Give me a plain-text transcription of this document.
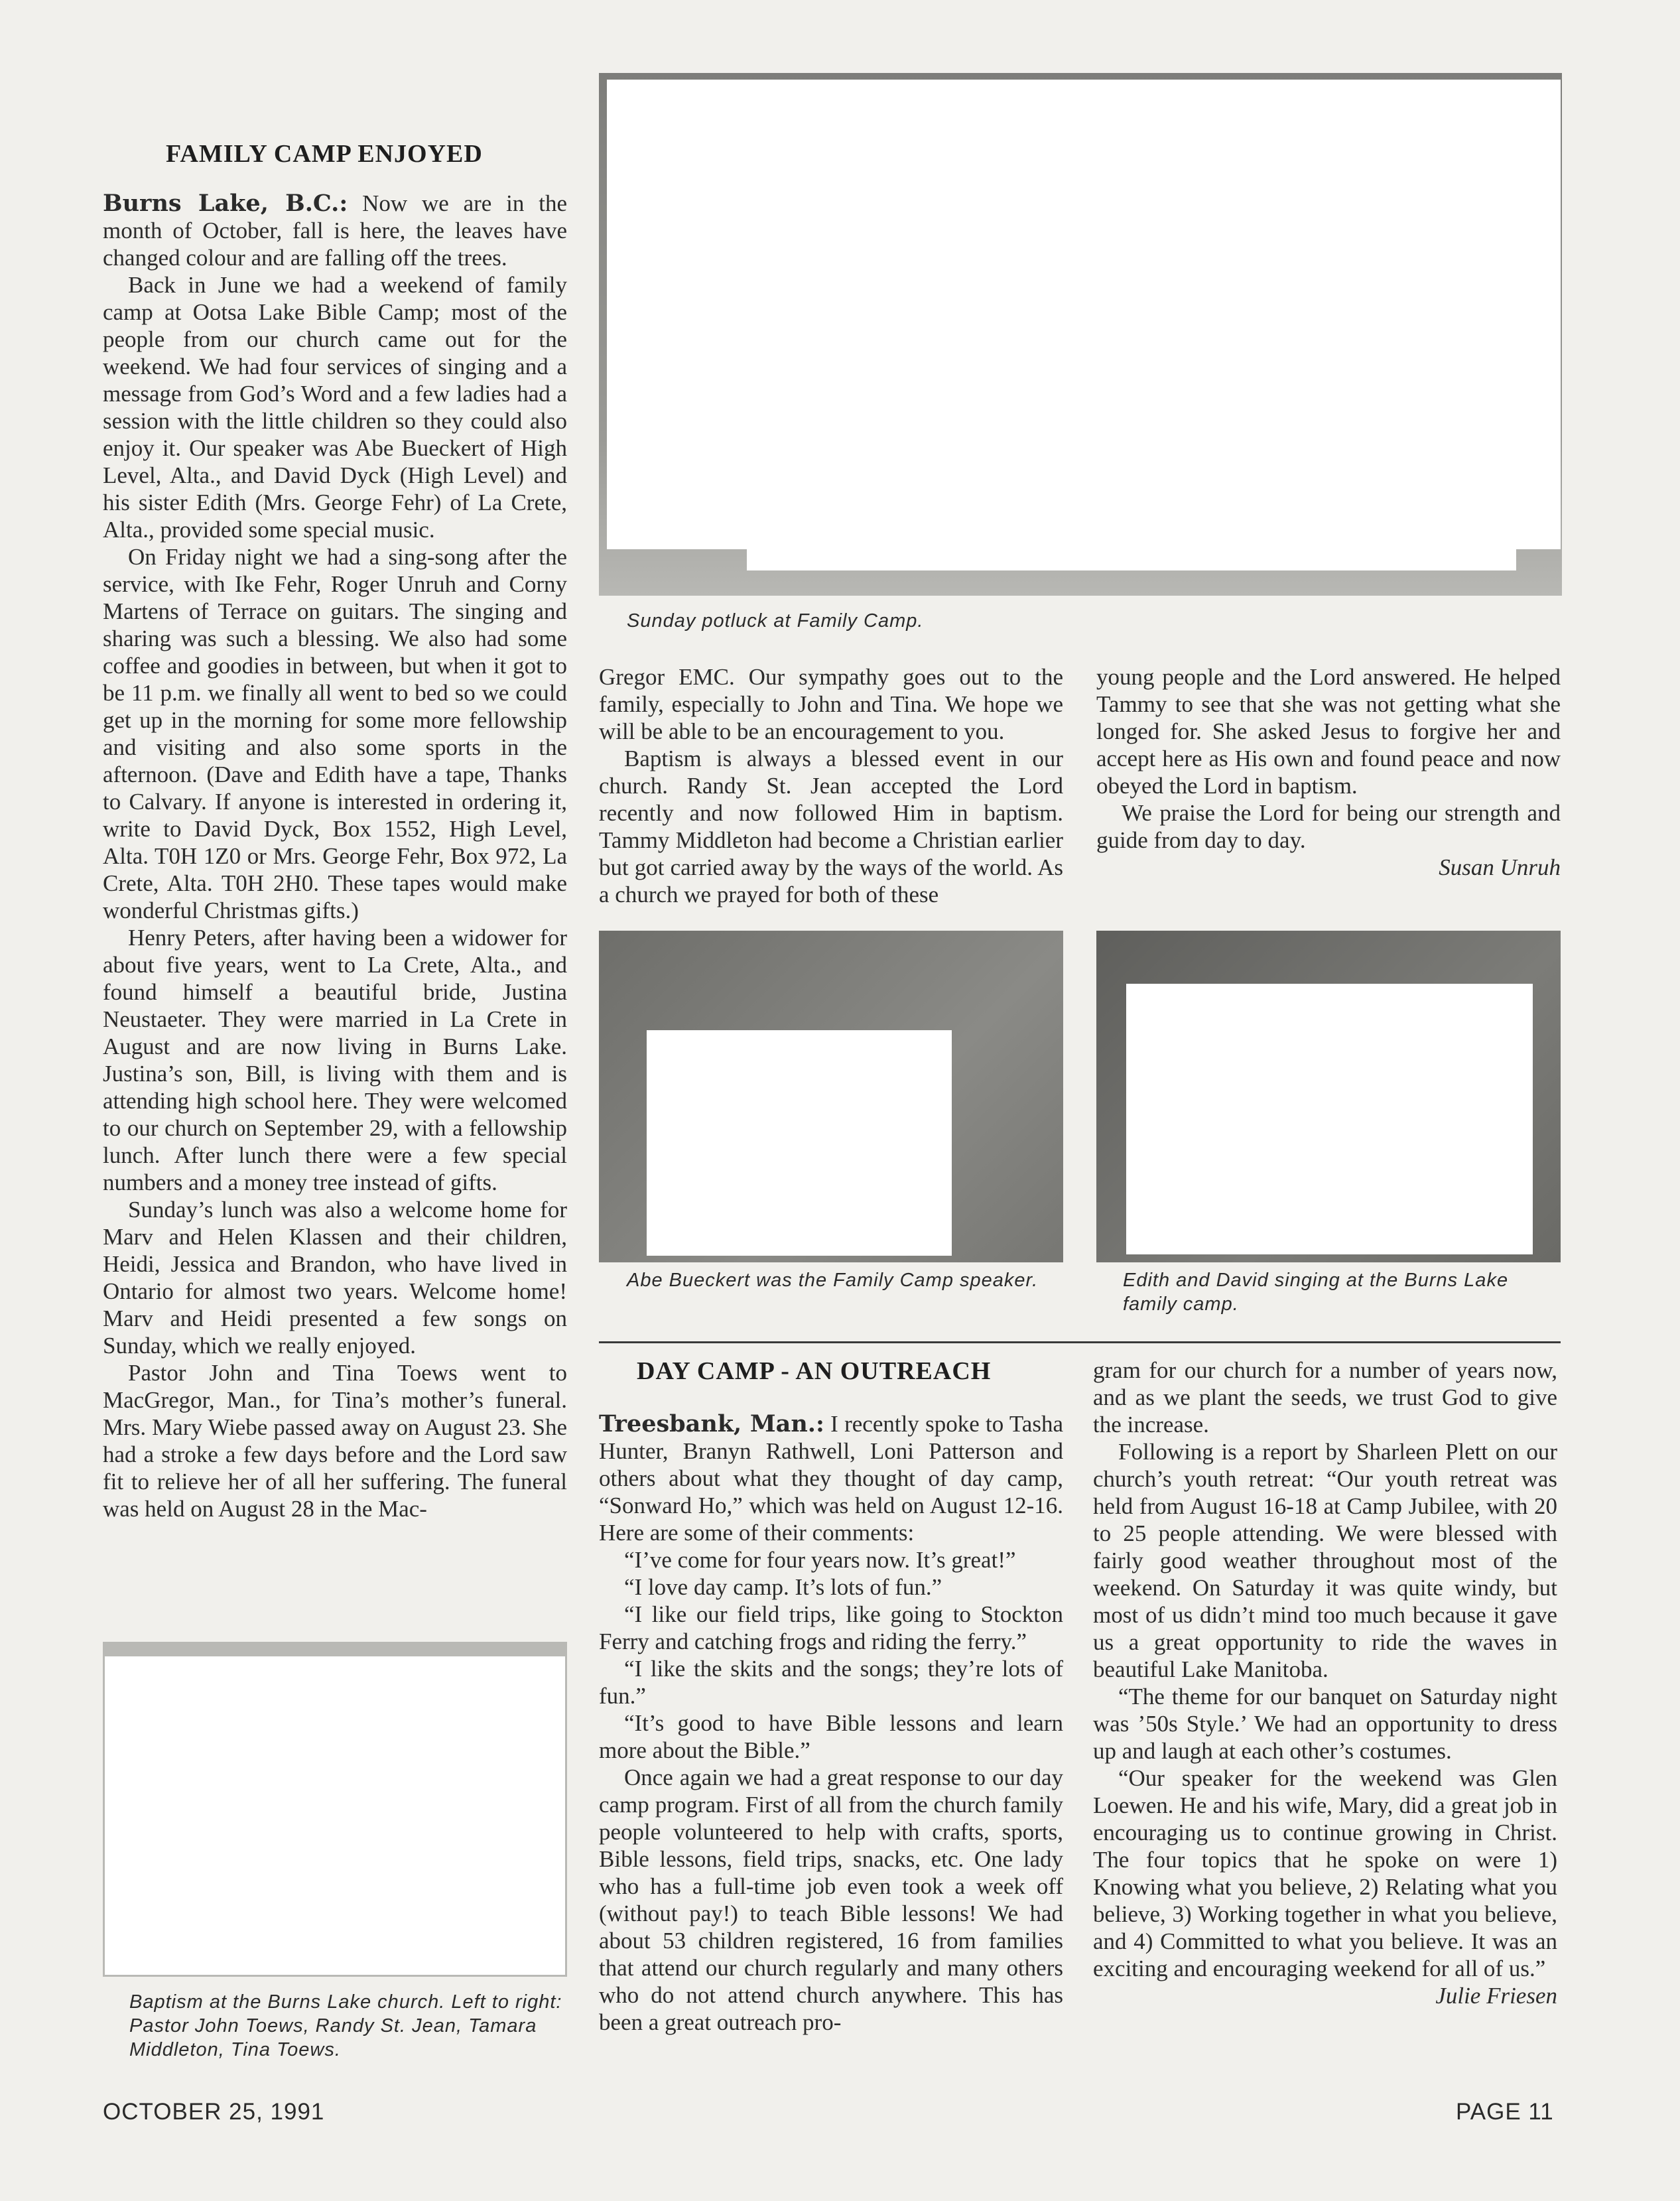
Sunday potluck at Family Camp.
FAMILY CAMP ENJOYED

Burns Lake, B.C.: Now we are in the month of October, fall is here, the leaves have changed colour and are falling off the trees.

Back in June we had a weekend of family camp at Ootsa Lake Bible Camp; most of the people from our church came out for the weekend. We had four services of singing and a message from God’s Word and a few ladies had a session with the little children so they could also enjoy it. Our speaker was Abe Bueckert of High Level, Alta., and David Dyck (High Level) and his sister Edith (Mrs. George Fehr) of La Crete, Alta., provided some special music.

On Friday night we had a sing-song after the service, with Ike Fehr, Roger Unruh and Corny Martens of Terrace on guitars. The singing and sharing was such a blessing. We also had some coffee and goodies in between, but when it got to be 11 p.m. we finally all went to bed so we could get up in the morning for some more fellowship and visiting and also some sports in the afternoon. (Dave and Edith have a tape, Thanks to Calvary. If anyone is interested in ordering it, write to David Dyck, Box 1552, High Level, Alta. T0H 1Z0 or Mrs. George Fehr, Box 972, La Crete, Alta. T0H 2H0. These tapes would make wonderful Christmas gifts.)

Henry Peters, after having been a widower for about five years, went to La Crete, Alta., and found himself a beautiful bride, Justina Neustaeter. They were married in La Crete in August and are now living in Burns Lake. Justina’s son, Bill, is living with them and is attending high school here. They were welcomed to our church on September 29, with a fellowship lunch. After lunch there were a few special numbers and a money tree instead of gifts.

Sunday’s lunch was also a welcome home for Marv and Helen Klassen and their children, Heidi, Jessica and Brandon, who have lived in Ontario for almost two years. Welcome home! Marv and Heidi presented a few songs on Sunday, which we really enjoyed.

Pastor John and Tina Toews went to MacGregor, Man., for Tina’s mother’s funeral. Mrs. Mary Wiebe passed away on August 23. She had a stroke a few days before and the Lord saw fit to relieve her of all her suffering. The funeral was held on August 28 in the Mac-

Gregor EMC. Our sympathy goes out to the family, especially to John and Tina. We hope we will be able to be an encouragement to you.

Baptism is always a blessed event in our church. Randy St. Jean accepted the Lord recently and now followed Him in baptism. Tammy Middleton had become a Christian earlier but got carried away by the ways of the world. As a church we prayed for both of these

young people and the Lord answered. He helped Tammy to see that she was not getting what she longed for. She asked Jesus to forgive her and accept here as His own and found peace and now obeyed the Lord in baptism.

We praise the Lord for being our strength and guide from day to day.

Susan Unruh

Abe Bueckert was the Family Camp speaker.	Edith and David singing at the Burns Lake family camp.
Baptism at the Burns Lake church. Left to right: Pastor John Toews, Randy St. Jean, Tamara Middleton, Tina Toews.
DAY CAMP - AN OUTREACH

Treesbank, Man.: I recently spoke to Tasha Hunter, Branyn Rathwell, Loni Patterson and others about what they thought of day camp, “Sonward Ho,” which was held on August 12-16. Here are some of their comments:

“I’ve come for four years now. It’s great!”

“I love day camp. It’s lots of fun.”

“I like our field trips, like going to Stockton Ferry and catching frogs and riding the ferry.”

“I like the skits and the songs; they’re lots of fun.”

“It’s good to have Bible lessons and learn more about the Bible.”

Once again we had a great response to our day camp program. First of all from the church family people volunteered to help with crafts, sports, Bible lessons, field trips, snacks, etc. One lady who has a full-time job even took a week off (without pay!) to teach Bible lessons! We had about 53 children registered, 16 from families that attend our church regularly and many others who do not attend church anywhere. This has been a great outreach pro-

gram for our church for a number of years now, and as we plant the seeds, we trust God to give the increase.

Following is a report by Sharleen Plett on our church’s youth retreat: “Our youth retreat was held from August 16-18 at Camp Jubilee, with 20 to 25 people attending. We were blessed with fairly good weather throughout most of the weekend. On Saturday it was quite windy, but most of us didn’t mind too much because it gave us a great opportunity to ride the waves in beautiful Lake Manitoba.

“The theme for our banquet on Saturday night was ’50s Style.’ We had an opportunity to dress up and laugh at each other’s costumes.

“Our speaker for the weekend was Glen Loewen. He and his wife, Mary, did a great job in encouraging us to continue growing in Christ. The four topics that he spoke on were 1) Knowing what you believe, 2) Relating what you believe, 3) Working together in what you believe, and 4) Committed to what you believe. It was an exciting and encouraging weekend for all of us.”

Julie Friesen

OCTOBER 25, 1991	PAGE 11
